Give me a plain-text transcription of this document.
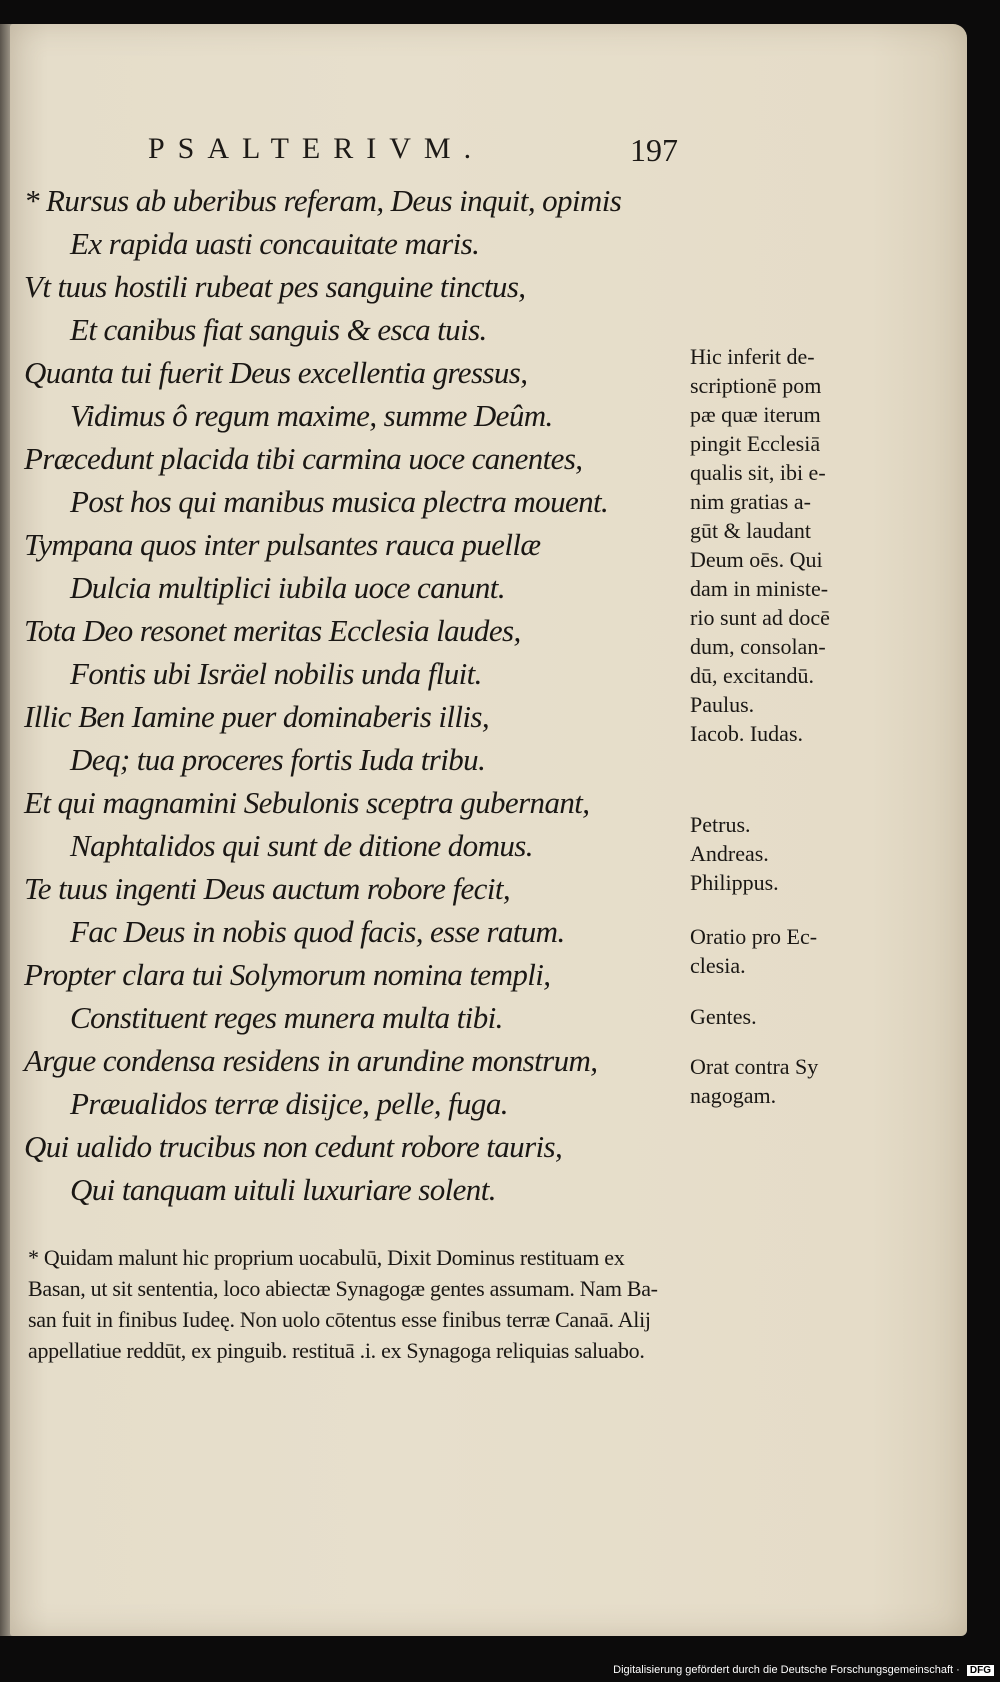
PSALTERIVM.	197
* Rursus ab uberibus referam, Deus inquit, opimis
Ex rapida uasti concauitate maris.
Vt tuus hostili rubeat pes sanguine tinctus,
Et canibus fiat sanguis & esca tuis.
Quanta tui fuerit Deus excellentia gressus,
Vidimus ô regum maxime, summe Deûm.
Præcedunt placida tibi carmina uoce canentes,
Post hos qui manibus musica plectra mouent.
Tympana quos inter pulsantes rauca puellæ
Dulcia multiplici iubila uoce canunt.
Tota Deo resonet meritas Ecclesia laudes,
Fontis ubi Isräel nobilis unda fluit.
Illic Ben Iamine puer dominaberis illis,
Deq; tua proceres fortis Iuda tribu.
Et qui magnamini Sebulonis sceptra gubernant,
Naphtalidos qui sunt de ditione domus.
Te tuus ingenti Deus auctum robore fecit,
Fac Deus in nobis quod facis, esse ratum.
Propter clara tui Solymorum nomina templi,
Constituent reges munera multa tibi.
Argue condensa residens in arundine monstrum,
Præualidos terræ disijce, pelle, fuga.
Qui ualido trucibus non cedunt robore tauris,
Qui tanquam uituli luxuriare solent.
Hic inferit de-
scriptionē pom
pæ quæ iterum
pingit Ecclesiā
qualis sit, ibi e-
nim gratias a-
gūt & laudant
Deum oēs. Qui
dam in ministe-
rio sunt ad docē
dum, consolan-
dū, excitandū.
Paulus.
Iacob. Iudas.
Petrus.
Andreas.
Philippus.
Oratio pro Ec-
clesia.
Gentes.
Orat contra Sy
nagogam.
* Quidam malunt hic proprium uocabulū, Dixit Dominus restituam ex
Basan, ut sit sententia, loco abiectæ Synagogæ gentes assumam. Nam Ba-
san fuit in finibus Iudeę. Non uolo cōtentus esse finibus terræ Canaā. Alij
appellatiue reddūt, ex pinguib. restituā .i. ex Synagoga reliquias saluabo.
Digitalisierung gefördert durch die Deutsche Forschungsgemeinschaft · DFG
